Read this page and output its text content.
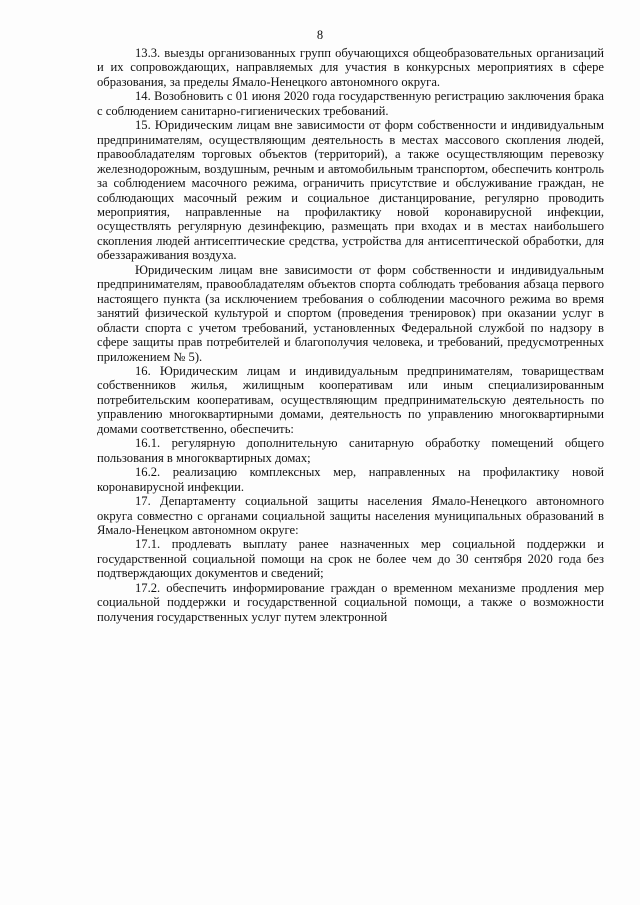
8

13.3. выезды организованных групп обучающихся общеобразовательных организаций и их сопровождающих, направляемых для участия в конкурсных мероприятиях в сфере образования, за пределы Ямало-Ненецкого автономного округа.

14. Возобновить с 01 июня 2020 года государственную регистрацию заключения брака с соблюдением санитарно-гигиенических требований.

15. Юридическим лицам вне зависимости от форм собственности и индивидуальным предпринимателям, осуществляющим деятельность в местах массового скопления людей, правообладателям торговых объектов (территорий), а также осуществляющим перевозку железнодорожным, воздушным, речным и автомобильным транспортом, обеспечить контроль за соблюдением масочного режима, ограничить присутствие и обслуживание граждан, не соблюдающих масочный режим и социальное дистанцирование, регулярно проводить мероприятия, направленные на профилактику новой коронавирусной инфекции, осуществлять регулярную дезинфекцию, размещать при входах и в местах наибольшего скопления людей антисептические средства, устройства для антисептической обработки, для обеззараживания воздуха.

Юридическим лицам вне зависимости от форм собственности и индивидуальным предпринимателям, правообладателям объектов спорта соблюдать требования абзаца первого настоящего пункта (за исключением требования о соблюдении масочного режима во время занятий физической культурой и спортом (проведения тренировок) при оказании услуг в области спорта с учетом требований, установленных Федеральной службой по надзору в сфере защиты прав потребителей и благополучия человека, и требований, предусмотренных приложением № 5).

16. Юридическим лицам и индивидуальным предпринимателям, товариществам собственников жилья, жилищным кооперативам или иным специализированным потребительским кооперативам, осуществляющим предпринимательскую деятельность по управлению многоквартирными домами, деятельность по управлению многоквартирными домами соответственно, обеспечить:

16.1. регулярную дополнительную санитарную обработку помещений общего пользования в многоквартирных домах;

16.2. реализацию комплексных мер, направленных на профилактику новой коронавирусной инфекции.

17. Департаменту социальной защиты населения Ямало-Ненецкого автономного округа совместно с органами социальной защиты населения муниципальных образований в Ямало-Ненецком автономном округе:

17.1. продлевать выплату ранее назначенных мер социальной поддержки и государственной социальной помощи на срок не более чем до 30 сентября 2020 года без подтверждающих документов и сведений;

17.2. обеспечить информирование граждан о временном механизме продления мер социальной поддержки и государственной социальной помощи, а также о возможности получения государственных услуг путем электронной
